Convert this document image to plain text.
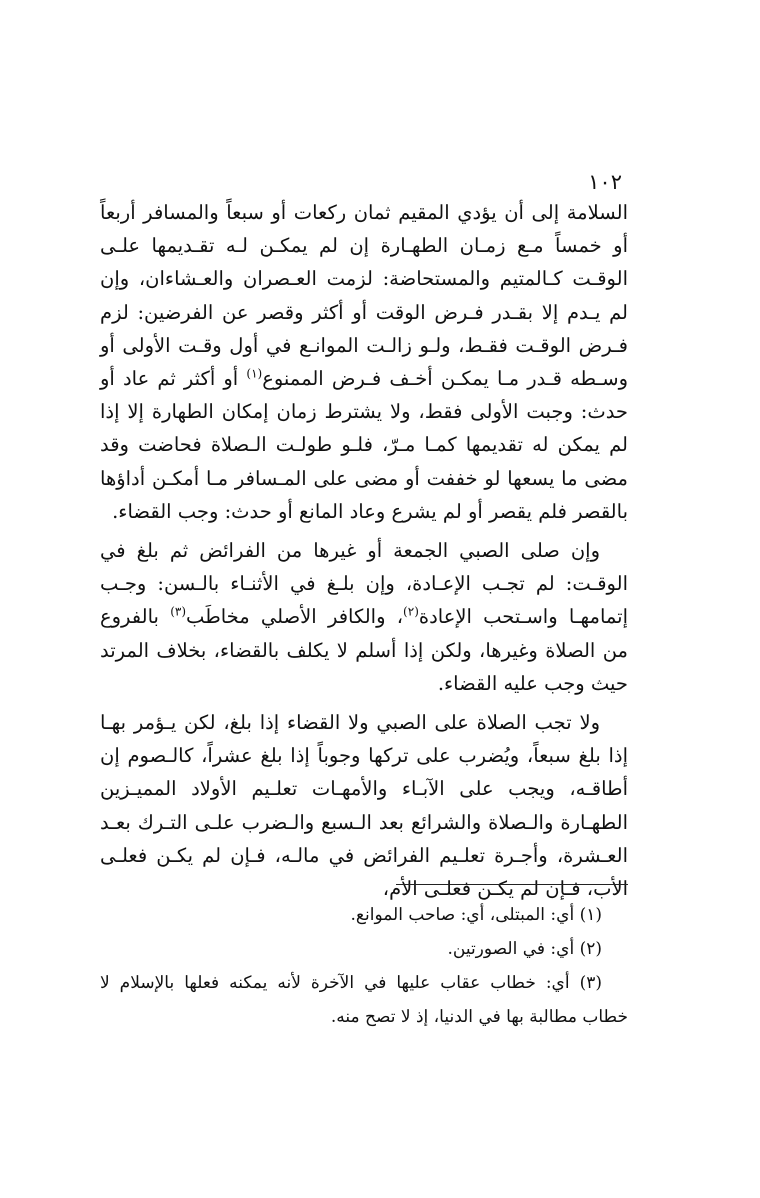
١٠٢

السلامة إلى أن يؤدي المقيم ثمان ركعات أو سبعاً والمسافر أربعاً أو خمساً مـع زمـان الطهـارة إن لم يمكـن لـه تقـديمها علـى الوقـت كـالمتيم والمستحاضة: لزمت العـصران والعـشاءان، وإن لم يـدم إلا بقـدر فـرض الوقت أو أكثر وقصر عن الفرضين: لزم فـرض الوقـت فقـط، ولـو زالـت الموانـع في أول وقـت الأولى أو وسـطه قـدر مـا يمكـن أخـف فـرض الممنوع$^{(١)}$ أو أكثر ثم عاد أو حدث: وجبت الأولى فقط، ولا يشترط زمان إمكان الطهارة إلا إذا لم يمكن له تقديمها كمـا مـرّ، فلـو طولـت الـصلاة فحاضت وقد مضى ما يسعها لو خففت أو مضى على المـسافر مـا أمكـن أداؤها بالقصر فلم يقصر أو لم يشرع وعاد المانع أو حدث: وجب القضاء.

وإن صلى الصبي الجمعة أو غيرها من الفرائض ثم بلغ في الوقـت: لم تجـب الإعـادة، وإن بلـغ في الأثنـاء بالـسن: وجـب إتمامهـا واسـتحب الإعادة$^{(٢)}$، والكافر الأصلي مخاطَب$^{(٣)}$ بالفروع من الصلاة وغيرها، ولكن إذا أسلم لا يكلف بالقضاء، بخلاف المرتد حيث وجب عليه القضاء.

ولا تجب الصلاة على الصبي ولا القضاء إذا بلغ، لكن يـؤمر بهـا إذا بلغ سبعاً، ويُضرب على تركها وجوباً إذا بلغ عشراً، كالـصوم إن أطاقـه، ويجب على الآبـاء والأمهـات تعلـيم الأولاد المميـزين الطهـارة والـصلاة والشرائع بعد الـسبع والـضرب علـى التـرك بعـد العـشرة، وأجـرة تعلـيم الفرائض في مالـه، فـإن لم يكـن فعلـى الأب، فـإن لم يكـن فعلـى الأم،

(١) أي: المبتلى، أي: صاحب الموانع.

(٢) أي: في الصورتين.

(٣) أي: خطاب عقاب عليها في الآخرة لأنه يمكنه فعلها بالإسلام لا خطاب مطالبة بها في الدنيا، إذ لا تصح منه.
